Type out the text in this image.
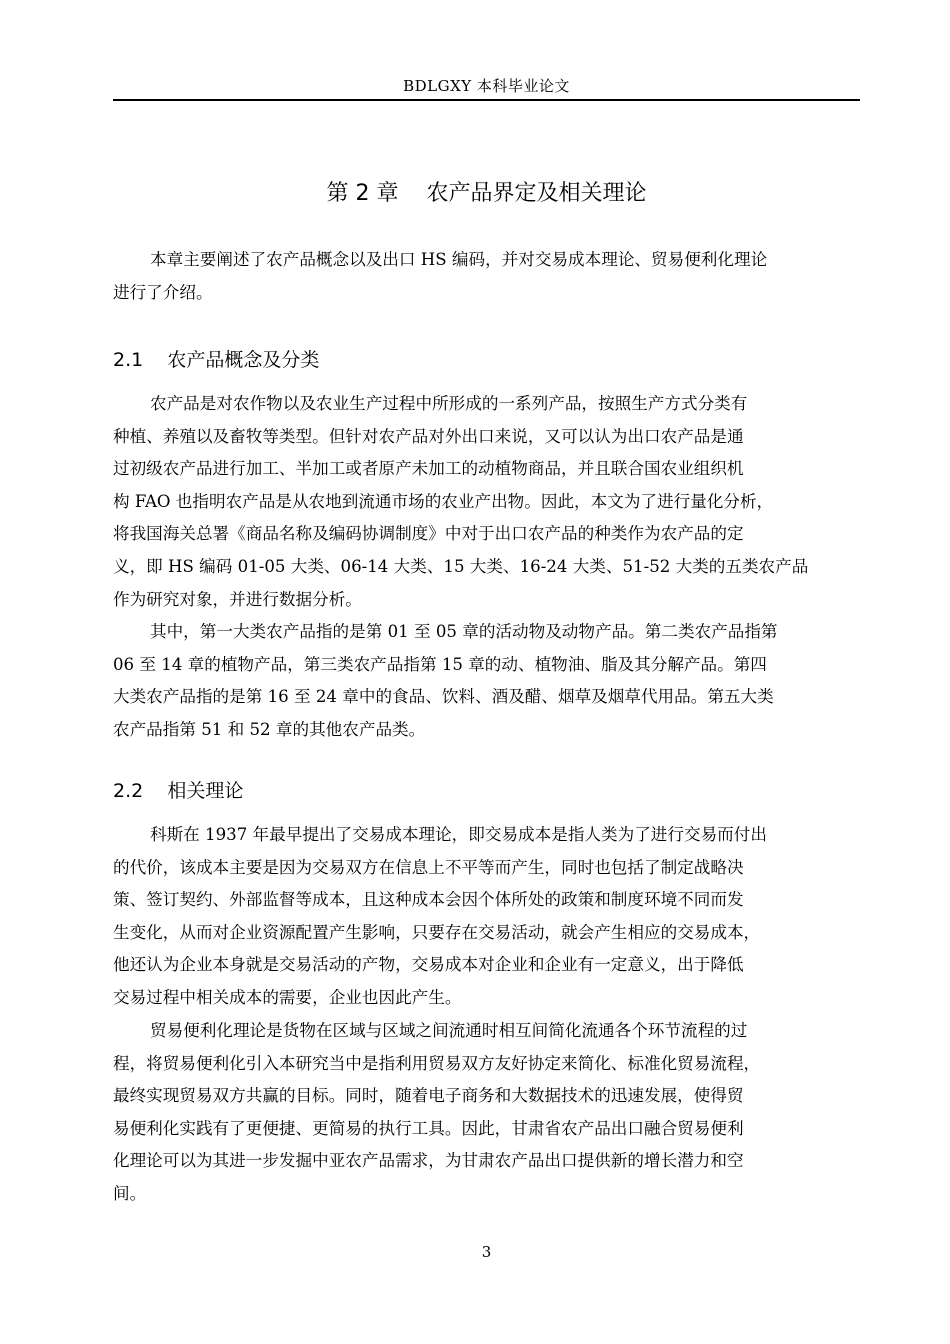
BDLGXY 本科毕业论文
第 2 章    农产品界定及相关理论
本章主要阐述了农产品概念以及出口 HS 编码，并对交易成本理论、贸易便利化理论
进行了介绍。
2.1    农产品概念及分类
农产品是对农作物以及农业生产过程中所形成的一系列产品，按照生产方式分类有
种植、养殖以及畜牧等类型。但针对农产品对外出口来说，又可以认为出口农产品是通
过初级农产品进行加工、半加工或者原产未加工的动植物商品，并且联合国农业组织机
构 FAO 也指明农产品是从农地到流通市场的农业产出物。因此，本文为了进行量化分析，
将我国海关总署《商品名称及编码协调制度》中对于出口农产品的种类作为农产品的定
义，即 HS 编码 01-05 大类、06-14 大类、15 大类、16-24 大类、51-52 大类的五类农产品
作为研究对象，并进行数据分析。
其中，第一大类农产品指的是第 01 至 05 章的活动物及动物产品。第二类农产品指第
06 至 14 章的植物产品，第三类农产品指第 15 章的动、植物油、脂及其分解产品。第四
大类农产品指的是第 16 至 24 章中的食品、饮料、酒及醋、烟草及烟草代用品。第五大类
农产品指第 51 和 52 章的其他农产品类。
2.2    相关理论
科斯在 1937 年最早提出了交易成本理论，即交易成本是指人类为了进行交易而付出
的代价，该成本主要是因为交易双方在信息上不平等而产生，同时也包括了制定战略决
策、签订契约、外部监督等成本，且这种成本会因个体所处的政策和制度环境不同而发
生变化，从而对企业资源配置产生影响，只要存在交易活动，就会产生相应的交易成本，
他还认为企业本身就是交易活动的产物，交易成本对企业和企业有一定意义，出于降低
交易过程中相关成本的需要，企业也因此产生。
贸易便利化理论是货物在区域与区域之间流通时相互间简化流通各个环节流程的过
程，将贸易便利化引入本研究当中是指利用贸易双方友好协定来简化、标准化贸易流程，
最终实现贸易双方共赢的目标。同时，随着电子商务和大数据技术的迅速发展，使得贸
易便利化实践有了更便捷、更简易的执行工具。因此，甘肃省农产品出口融合贸易便利
化理论可以为其进一步发掘中亚农产品需求，为甘肃农产品出口提供新的增长潜力和空
间。
3
